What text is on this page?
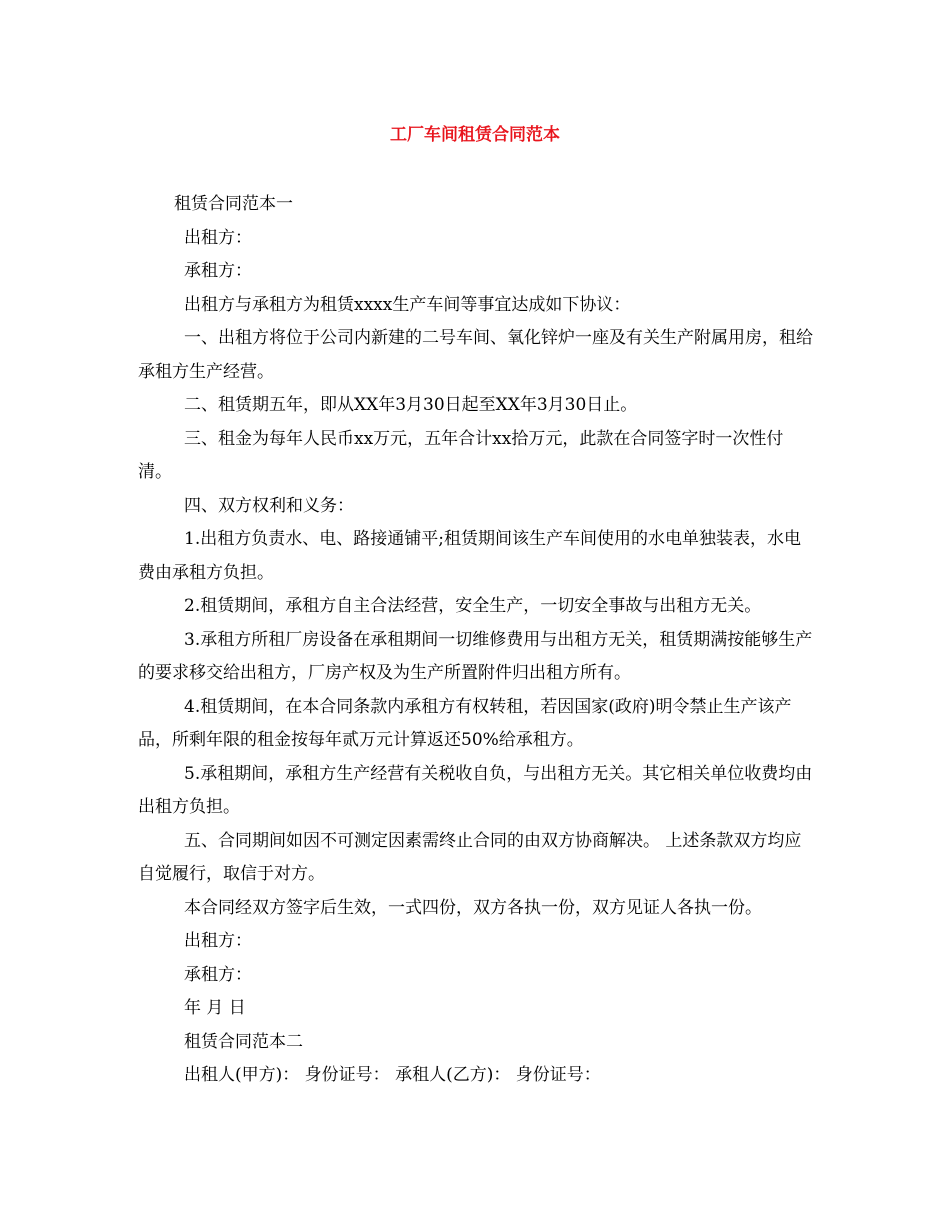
工厂车间租赁合同范本

租赁合同范本一

出租方：

承租方：

出租方与承租方为租赁xxxx生产车间等事宜达成如下协议：

一、出租方将位于公司内新建的二号车间、氧化锌炉一座及有关生产附属用房，租给承租方生产经营。

二、租赁期五年，即从XX年3月30日起至XX年3月30日止。

三、租金为每年人民币xx万元，五年合计xx拾万元，此款在合同签字时一次性付清。

四、双方权利和义务：

1.出租方负责水、电、路接通铺平;租赁期间该生产车间使用的水电单独装表，水电费由承租方负担。

2.租赁期间，承租方自主合法经营，安全生产，一切安全事故与出租方无关。

3.承租方所租厂房设备在承租期间一切维修费用与出租方无关，租赁期满按能够生产的要求移交给出租方，厂房产权及为生产所置附件归出租方所有。

4.租赁期间，在本合同条款内承租方有权转租，若因国家(政府)明令禁止生产该产品，所剩年限的租金按每年贰万元计算返还50%给承租方。

5.承租期间，承租方生产经营有关税收自负，与出租方无关。其它相关单位收费均由出租方负担。

五、合同期间如因不可测定因素需终止合同的由双方协商解决。 上述条款双方均应自觉履行，取信于对方。

本合同经双方签字后生效，一式四份，双方各执一份，双方见证人各执一份。

出租方：

承租方：

年 月 日

租赁合同范本二

出租人(甲方)： 身份证号： 承租人(乙方)： 身份证号：
